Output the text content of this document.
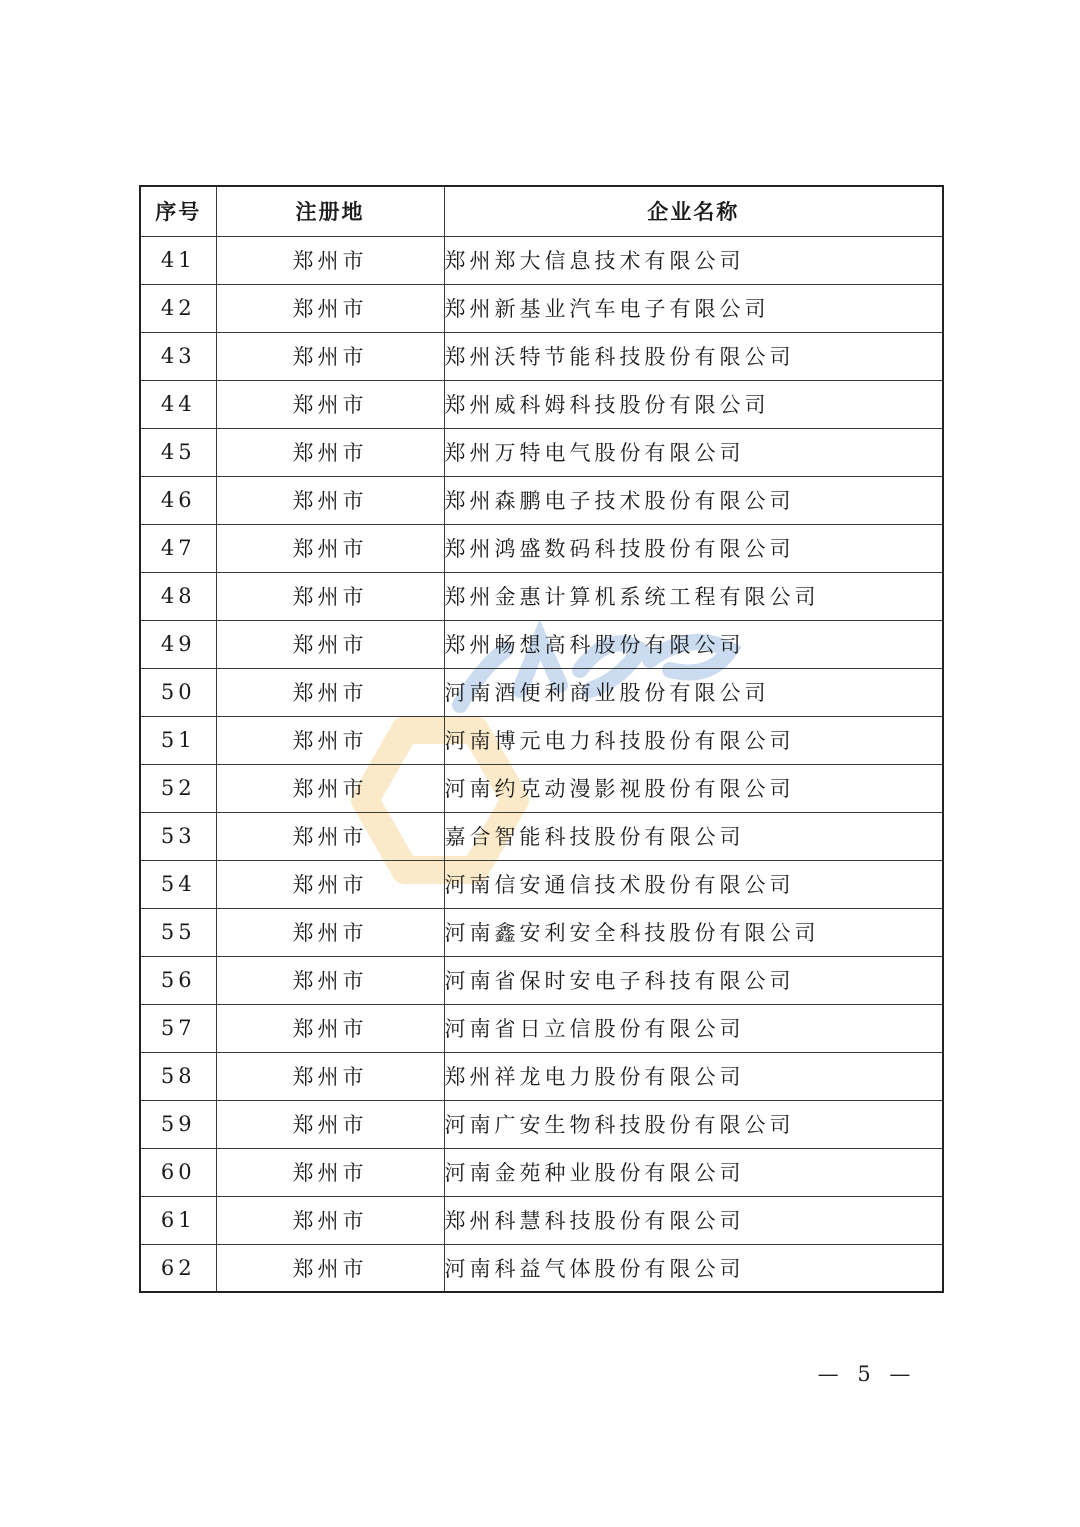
序号	注册地	企业名称
41	郑州市	郑州郑大信息技术有限公司
42	郑州市	郑州新基业汽车电子有限公司
43	郑州市	郑州沃特节能科技股份有限公司
44	郑州市	郑州威科姆科技股份有限公司
45	郑州市	郑州万特电气股份有限公司
46	郑州市	郑州森鹏电子技术股份有限公司
47	郑州市	郑州鸿盛数码科技股份有限公司
48	郑州市	郑州金惠计算机系统工程有限公司
49	郑州市	郑州畅想高科股份有限公司
50	郑州市	河南酒便利商业股份有限公司
51	郑州市	河南博元电力科技股份有限公司
52	郑州市	河南约克动漫影视股份有限公司
53	郑州市	嘉合智能科技股份有限公司
54	郑州市	河南信安通信技术股份有限公司
55	郑州市	河南鑫安利安全科技股份有限公司
56	郑州市	河南省保时安电子科技有限公司
57	郑州市	河南省日立信股份有限公司
58	郑州市	郑州祥龙电力股份有限公司
59	郑州市	河南广安生物科技股份有限公司
60	郑州市	河南金苑种业股份有限公司
61	郑州市	郑州科慧科技股份有限公司
62	郑州市	河南科益气体股份有限公司
— 5 —
